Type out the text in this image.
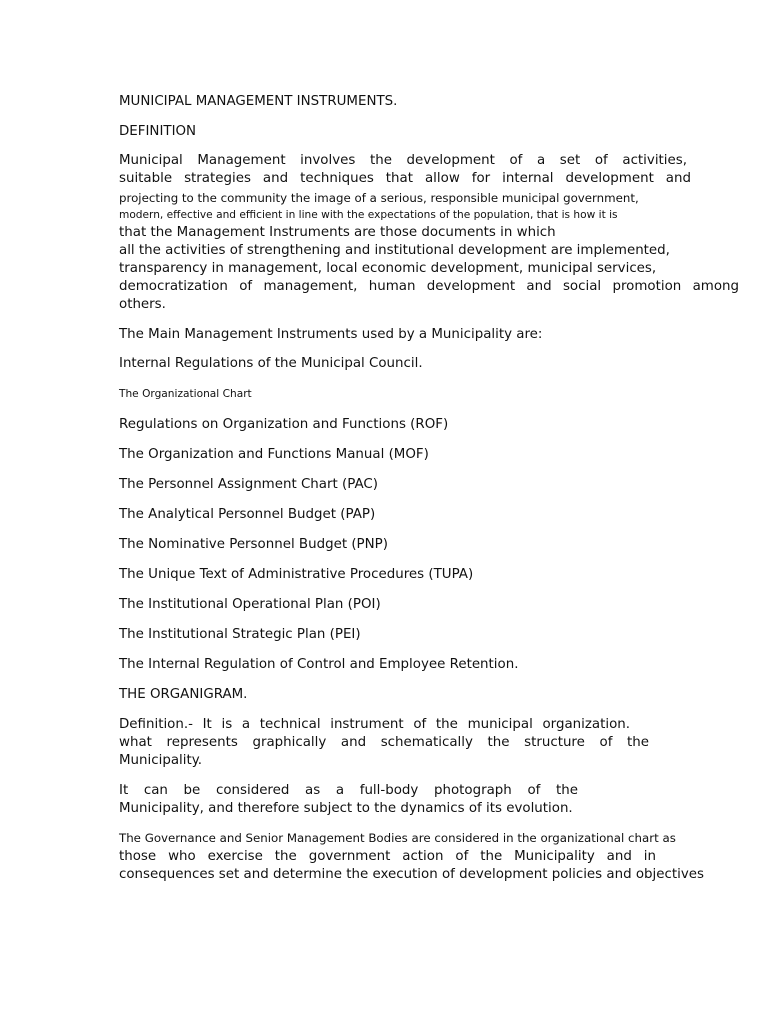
MUNICIPAL MANAGEMENT INSTRUMENTS.
DEFINITION
Municipal Management involves the development of a set of activities,
suitable strategies and techniques that allow for internal development and
projecting to the community the image of a serious, responsible municipal government,
modern, effective and efficient in line with the expectations of the population, that is how it is
that the Management Instruments are those documents in which
all the activities of strengthening and institutional development are implemented,
transparency in management, local economic development, municipal services,
democratization of management, human development and social promotion among
others.
The Main Management Instruments used by a Municipality are:
Internal Regulations of the Municipal Council.
The Organizational Chart
Regulations on Organization and Functions (ROF)
The Organization and Functions Manual (MOF)
The Personnel Assignment Chart (PAC)
The Analytical Personnel Budget (PAP)
The Nominative Personnel Budget (PNP)
The Unique Text of Administrative Procedures (TUPA)
The Institutional Operational Plan (POI)
The Institutional Strategic Plan (PEI)
The Internal Regulation of Control and Employee Retention.
THE ORGANIGRAM.
Definition.- It is a technical instrument of the municipal organization.
what represents graphically and schematically the structure of the
Municipality.
It can be considered as a full-body photograph of the
Municipality, and therefore subject to the dynamics of its evolution.
The Governance and Senior Management Bodies are considered in the organizational chart as
those who exercise the government action of the Municipality and in
consequences set and determine the execution of development policies and objectives
